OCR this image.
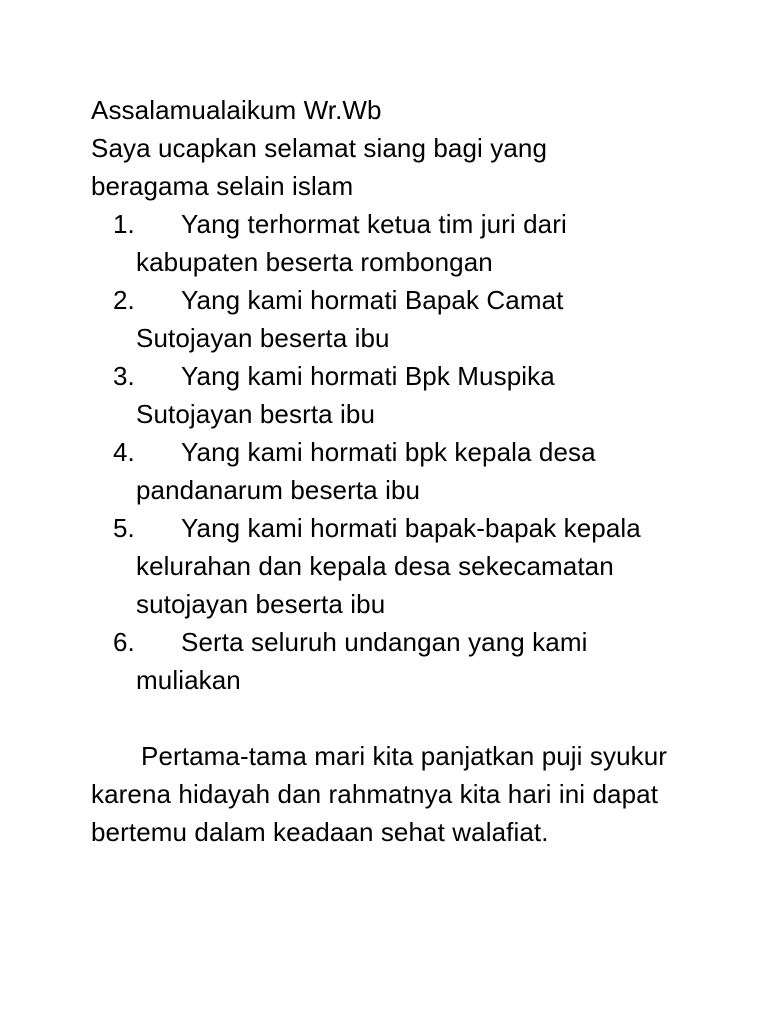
Assalamualaikum Wr.Wb

Saya ucapkan selamat siang bagi yang beragama selain islam

1.	Yang terhormat ketua tim juri dari kabupaten beserta rombongan
2.	Yang kami hormati Bapak Camat Sutojayan beserta ibu
3.	Yang kami hormati Bpk Muspika Sutojayan besrta ibu
4.	Yang kami hormati bpk kepala desa pandanarum beserta ibu
5.	Yang kami hormati bapak-bapak kepala kelurahan dan kepala desa sekecamatan sutojayan beserta ibu
6.	Serta seluruh undangan yang kami muliakan

Pertama-tama mari kita panjatkan puji syukur karena hidayah dan rahmatnya kita hari ini dapat bertemu dalam keadaan sehat walafiat.
